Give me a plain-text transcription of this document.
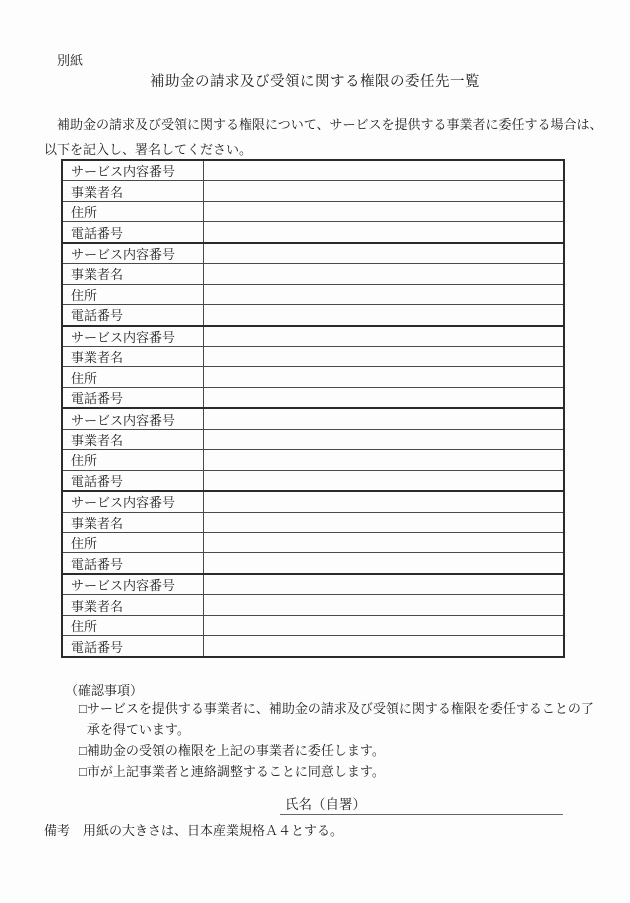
別紙
補助金の請求及び受領に関する権限の委任先一覧
　補助金の請求及び受領に関する権限について、サービスを提供する事業者に委任する場合は、
以下を記入し、署名してください。
サービス内容番号	
事業者名	
住所	
電話番号	
サービス内容番号	
事業者名	
住所	
電話番号	
サービス内容番号	
事業者名	
住所	
電話番号	
サービス内容番号	
事業者名	
住所	
電話番号	
サービス内容番号	
事業者名	
住所	
電話番号	
サービス内容番号	
事業者名	
住所	
電話番号	
（確認事項）
□ サービスを提供する事業者に、補助金の請求及び受領に関する権限を委任することの了
承を得ています。
□ 補助金の受領の権限を上記の事業者に委任します。
□ 市が上記事業者と連絡調整することに同意します。
氏名（自署）
備考　用紙の大きさは、日本産業規格Ａ４とする。
